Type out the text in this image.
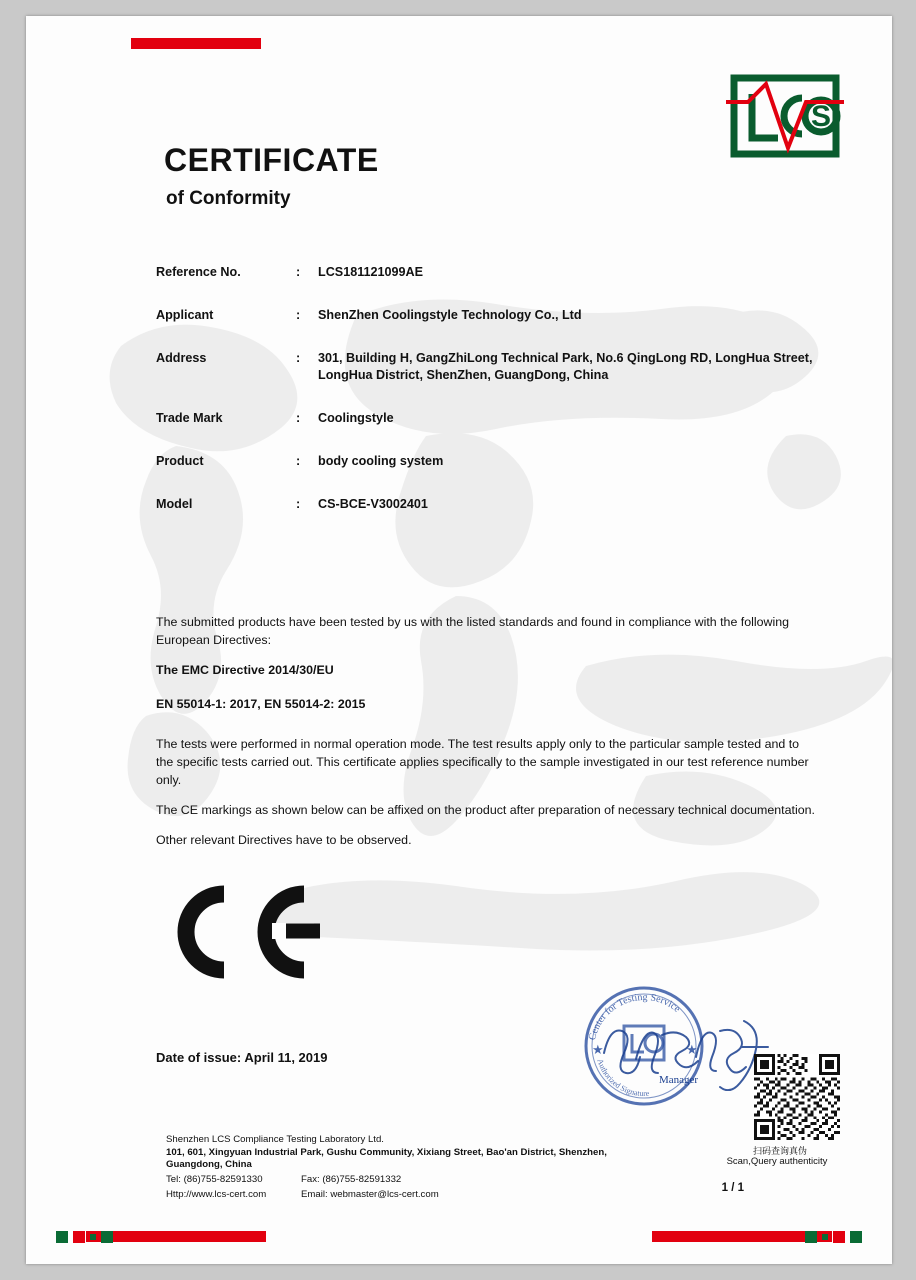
S
CERTIFICATE
of Conformity
Reference No.	:	LCS181121099AE
Applicant	:	ShenZhen Coolingstyle Technology Co., Ltd
Address	:	301, Building H, GangZhiLong Technical Park, No.6 QingLong RD, LongHua Street, LongHua District, ShenZhen, GuangDong, China
Trade Mark	:	Coolingstyle
Product	:	body cooling system
Model	:	CS-BCE-V3002401

The submitted products have been tested by us with the listed standards and found in compliance with the following European Directives:

The EMC Directive 2014/30/EU

EN 55014-1: 2017, EN 55014-2: 2015

The tests were performed in normal operation mode. The test results apply only to the particular sample tested and to the specific tests carried out. This certificate applies specifically to the sample investigated in our test reference number only.

The CE markings as shown below can be affixed on the product after preparation of necessary technical documentation.

Other relevant Directives have to be observed.

Date of issue: April 11, 2019
Center for Testing Service
Authorized Signature
★	★
Manager
扫码查询真伪
Scan,Query authenticity
Shenzhen LCS Compliance Testing Laboratory Ltd.
101, 601, Xingyuan Industrial Park, Gushu Community, Xixiang Street, Bao'an District, Shenzhen,
Guangdong, China
Tel: (86)755-82591330	Fax: (86)755-82591332
Http://www.lcs-cert.com	Email: webmaster@lcs-cert.com
1 / 1
